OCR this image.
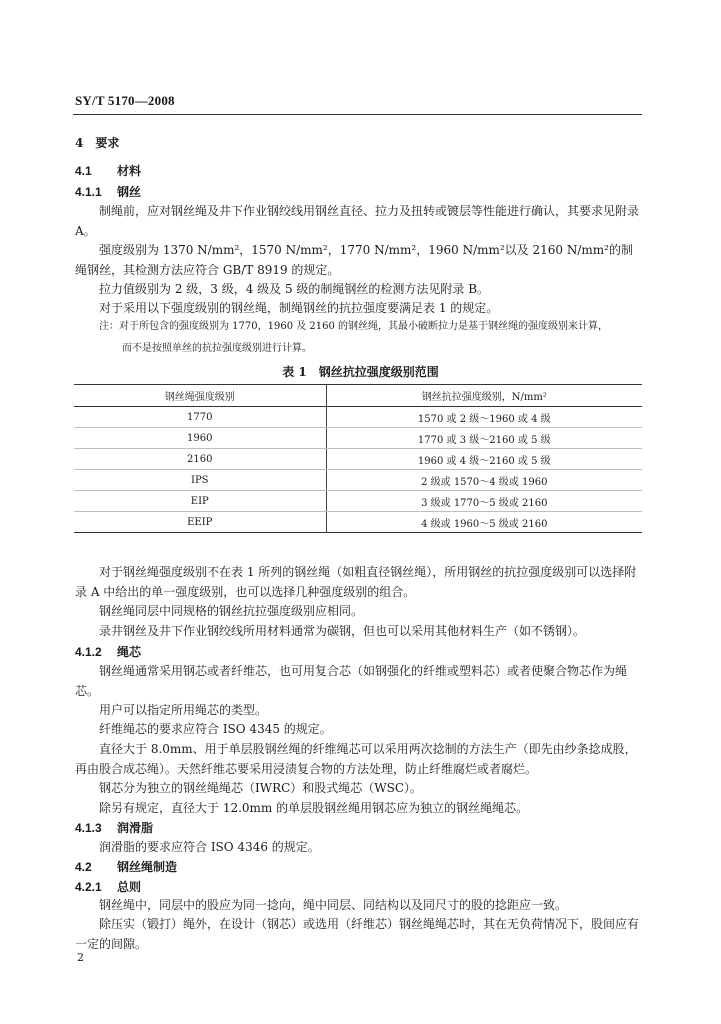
SY/T 5170—2008
4　要求
4.1 材料
4.1.1 钢丝
制绳前，应对钢丝绳及井下作业钢绞线用钢丝直径、拉力及扭转或镀层等性能进行确认，其要求见附录 A。
强度级别为 1370 N/mm²，1570 N/mm²，1770 N/mm²，1960 N/mm²以及 2160 N/mm²的制绳钢丝，其检测方法应符合 GB/T 8919 的规定。
拉力值级别为 2 级，3 级，4 级及 5 级的制绳钢丝的检测方法见附录 B。
对于采用以下强度级别的钢丝绳，制绳钢丝的抗拉强度要满足表 1 的规定。
注：对于所包含的强度级别为 1770，1960 及 2160 的钢丝绳，其最小破断拉力是基于钢丝绳的强度级别来计算，
而不是按照单丝的抗拉强度级别进行计算。
表 1　钢丝抗拉强度级别范围
钢丝绳强度级别	钢丝抗拉强度级别，N/mm²
1770	1570 或 2 级～1960 或 4 级
1960	1770 或 3 级～2160 或 5 级
2160	1960 或 4 级～2160 或 5 级
IPS	2 级或 1570～4 级或 1960
EIP	3 级或 1770～5 级或 2160
EEIP	4 级或 1960～5 级或 2160
对于钢丝绳强度级别不在表 1 所列的钢丝绳（如粗直径钢丝绳），所用钢丝的抗拉强度级别可以选择附录 A 中给出的单一强度级别，也可以选择几种强度级别的组合。
钢丝绳同层中同规格的钢丝抗拉强度级别应相同。
录井钢丝及井下作业钢绞线所用材料通常为碳钢，但也可以采用其他材料生产（如不锈钢）。
4.1.2 绳芯
钢丝绳通常采用钢芯或者纤维芯，也可用复合芯（如钢强化的纤维或塑料芯）或者使聚合物芯作为绳芯。
用户可以指定所用绳芯的类型。
纤维绳芯的要求应符合 ISO 4345 的规定。
直径大于 8.0mm、用于单层股钢丝绳的纤维绳芯可以采用两次捻制的方法生产（即先由纱条捻成股，再由股合成芯绳）。天然纤维芯要采用浸渍复合物的方法处理，防止纤维腐烂或者腐烂。
钢芯分为独立的钢丝绳绳芯（IWRC）和股式绳芯（WSC）。
除另有规定，直径大于 12.0mm 的单层股钢丝绳用钢芯应为独立的钢丝绳绳芯。
4.1.3 润滑脂
润滑脂的要求应符合 ISO 4346 的规定。
4.2 钢丝绳制造
4.2.1 总则
钢丝绳中，同层中的股应为同一捻向，绳中同层、同结构以及同尺寸的股的捻距应一致。
除压实（锻打）绳外，在设计（钢芯）或选用（纤维芯）钢丝绳绳芯时，其在无负荷情况下，股间应有一定的间隙。
2
